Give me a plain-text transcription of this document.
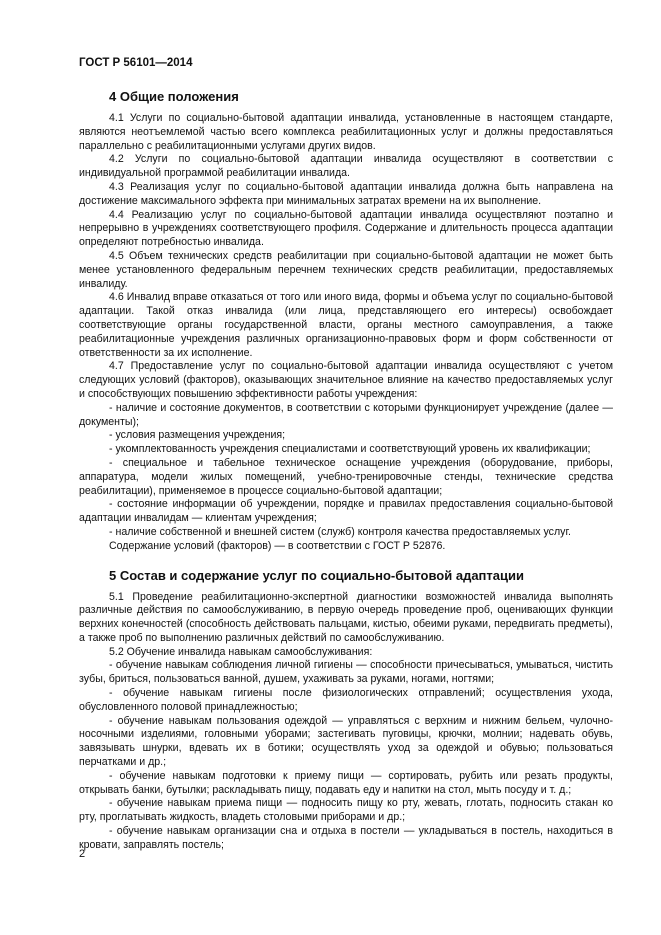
ГОСТ Р 56101—2014
4 Общие положения

4.1 Услуги по социально-бытовой адаптации инвалида, установленные в настоящем стандарте, являются неотъемлемой частью всего комплекса реабилитационных услуг и должны предоставляться параллельно с реабилитационными услугами других видов.

4.2 Услуги по социально-бытовой адаптации инвалида осуществляют в соответствии с индивидуальной программой реабилитации инвалида.

4.3 Реализация услуг по социально-бытовой адаптации инвалида должна быть направлена на достижение максимального эффекта при минимальных затратах времени на их выполнение.

4.4 Реализацию услуг по социально-бытовой адаптации инвалида осуществляют поэтапно и непрерывно в учреждениях соответствующего профиля. Содержание и длительность процесса адаптации определяют потребностью инвалида.

4.5 Объем технических средств реабилитации при социально-бытовой адаптации не может быть менее установленного федеральным перечнем технических средств реабилитации, предоставляемых инвалиду.

4.6 Инвалид вправе отказаться от того или иного вида, формы и объема услуг по социально-бытовой адаптации. Такой отказ инвалида (или лица, представляющего его интересы) освобождает соответствующие органы государственной власти, органы местного самоуправления, а также реабилитационные учреждения различных организационно-правовых форм и форм собственности от ответственности за их исполнение.

4.7 Предоставление услуг по социально-бытовой адаптации инвалида осуществляют с учетом следующих условий (факторов), оказывающих значительное влияние на качество предоставляемых услуг и способствующих повышению эффективности работы учреждения:

- наличие и состояние документов, в соответствии с которыми функционирует учреждение (далее — документы);

- условия размещения учреждения;

- укомплектованность учреждения специалистами и соответствующий уровень их квалификации;

- специальное и табельное техническое оснащение учреждения (оборудование, приборы, аппаратура, модели жилых помещений, учебно-тренировочные стенды, технические средства реабилитации), применяемое в процессе социально-бытовой адаптации;

- состояние информации об учреждении, порядке и правилах предоставления социально-бытовой адаптации инвалидам — клиентам учреждения;

- наличие собственной и внешней систем (служб) контроля качества предоставляемых услуг.

Содержание условий (факторов) — в соответствии с ГОСТ Р 52876.

5 Состав и содержание услуг по социально-бытовой адаптации

5.1 Проведение реабилитационно-экспертной диагностики возможностей инвалида выполнять различные действия по самообслуживанию, в первую очередь проведение проб, оценивающих функции верхних конечностей (способность действовать пальцами, кистью, обеими руками, передвигать предметы), а также проб по выполнению различных действий по самообслуживанию.

5.2 Обучение инвалида навыкам самообслуживания:

- обучение навыкам соблюдения личной гигиены — способности причесываться, умываться, чистить зубы, бриться, пользоваться ванной, душем, ухаживать за руками, ногами, ногтями;

- обучение навыкам гигиены после физиологических отправлений; осуществления ухода, обусловленного половой принадлежностью;

- обучение навыкам пользования одеждой — управляться с верхним и нижним бельем, чулочно-носочными изделиями, головными уборами; застегивать пуговицы, крючки, молнии; надевать обувь, завязывать шнурки, вдевать их в ботики; осуществлять уход за одеждой и обувью; пользоваться перчатками и др.;

- обучение навыкам подготовки к приему пищи — сортировать, рубить или резать продукты, открывать банки, бутылки; раскладывать пищу, подавать еду и напитки на стол, мыть посуду и т. д.;

- обучение навыкам приема пищи — подносить пищу ко рту, жевать, глотать, подносить стакан ко рту, проглатывать жидкость, владеть столовыми приборами и др.;

- обучение навыкам организации сна и отдыха в постели — укладываться в постель, находиться в кровати, заправлять постель;

2
